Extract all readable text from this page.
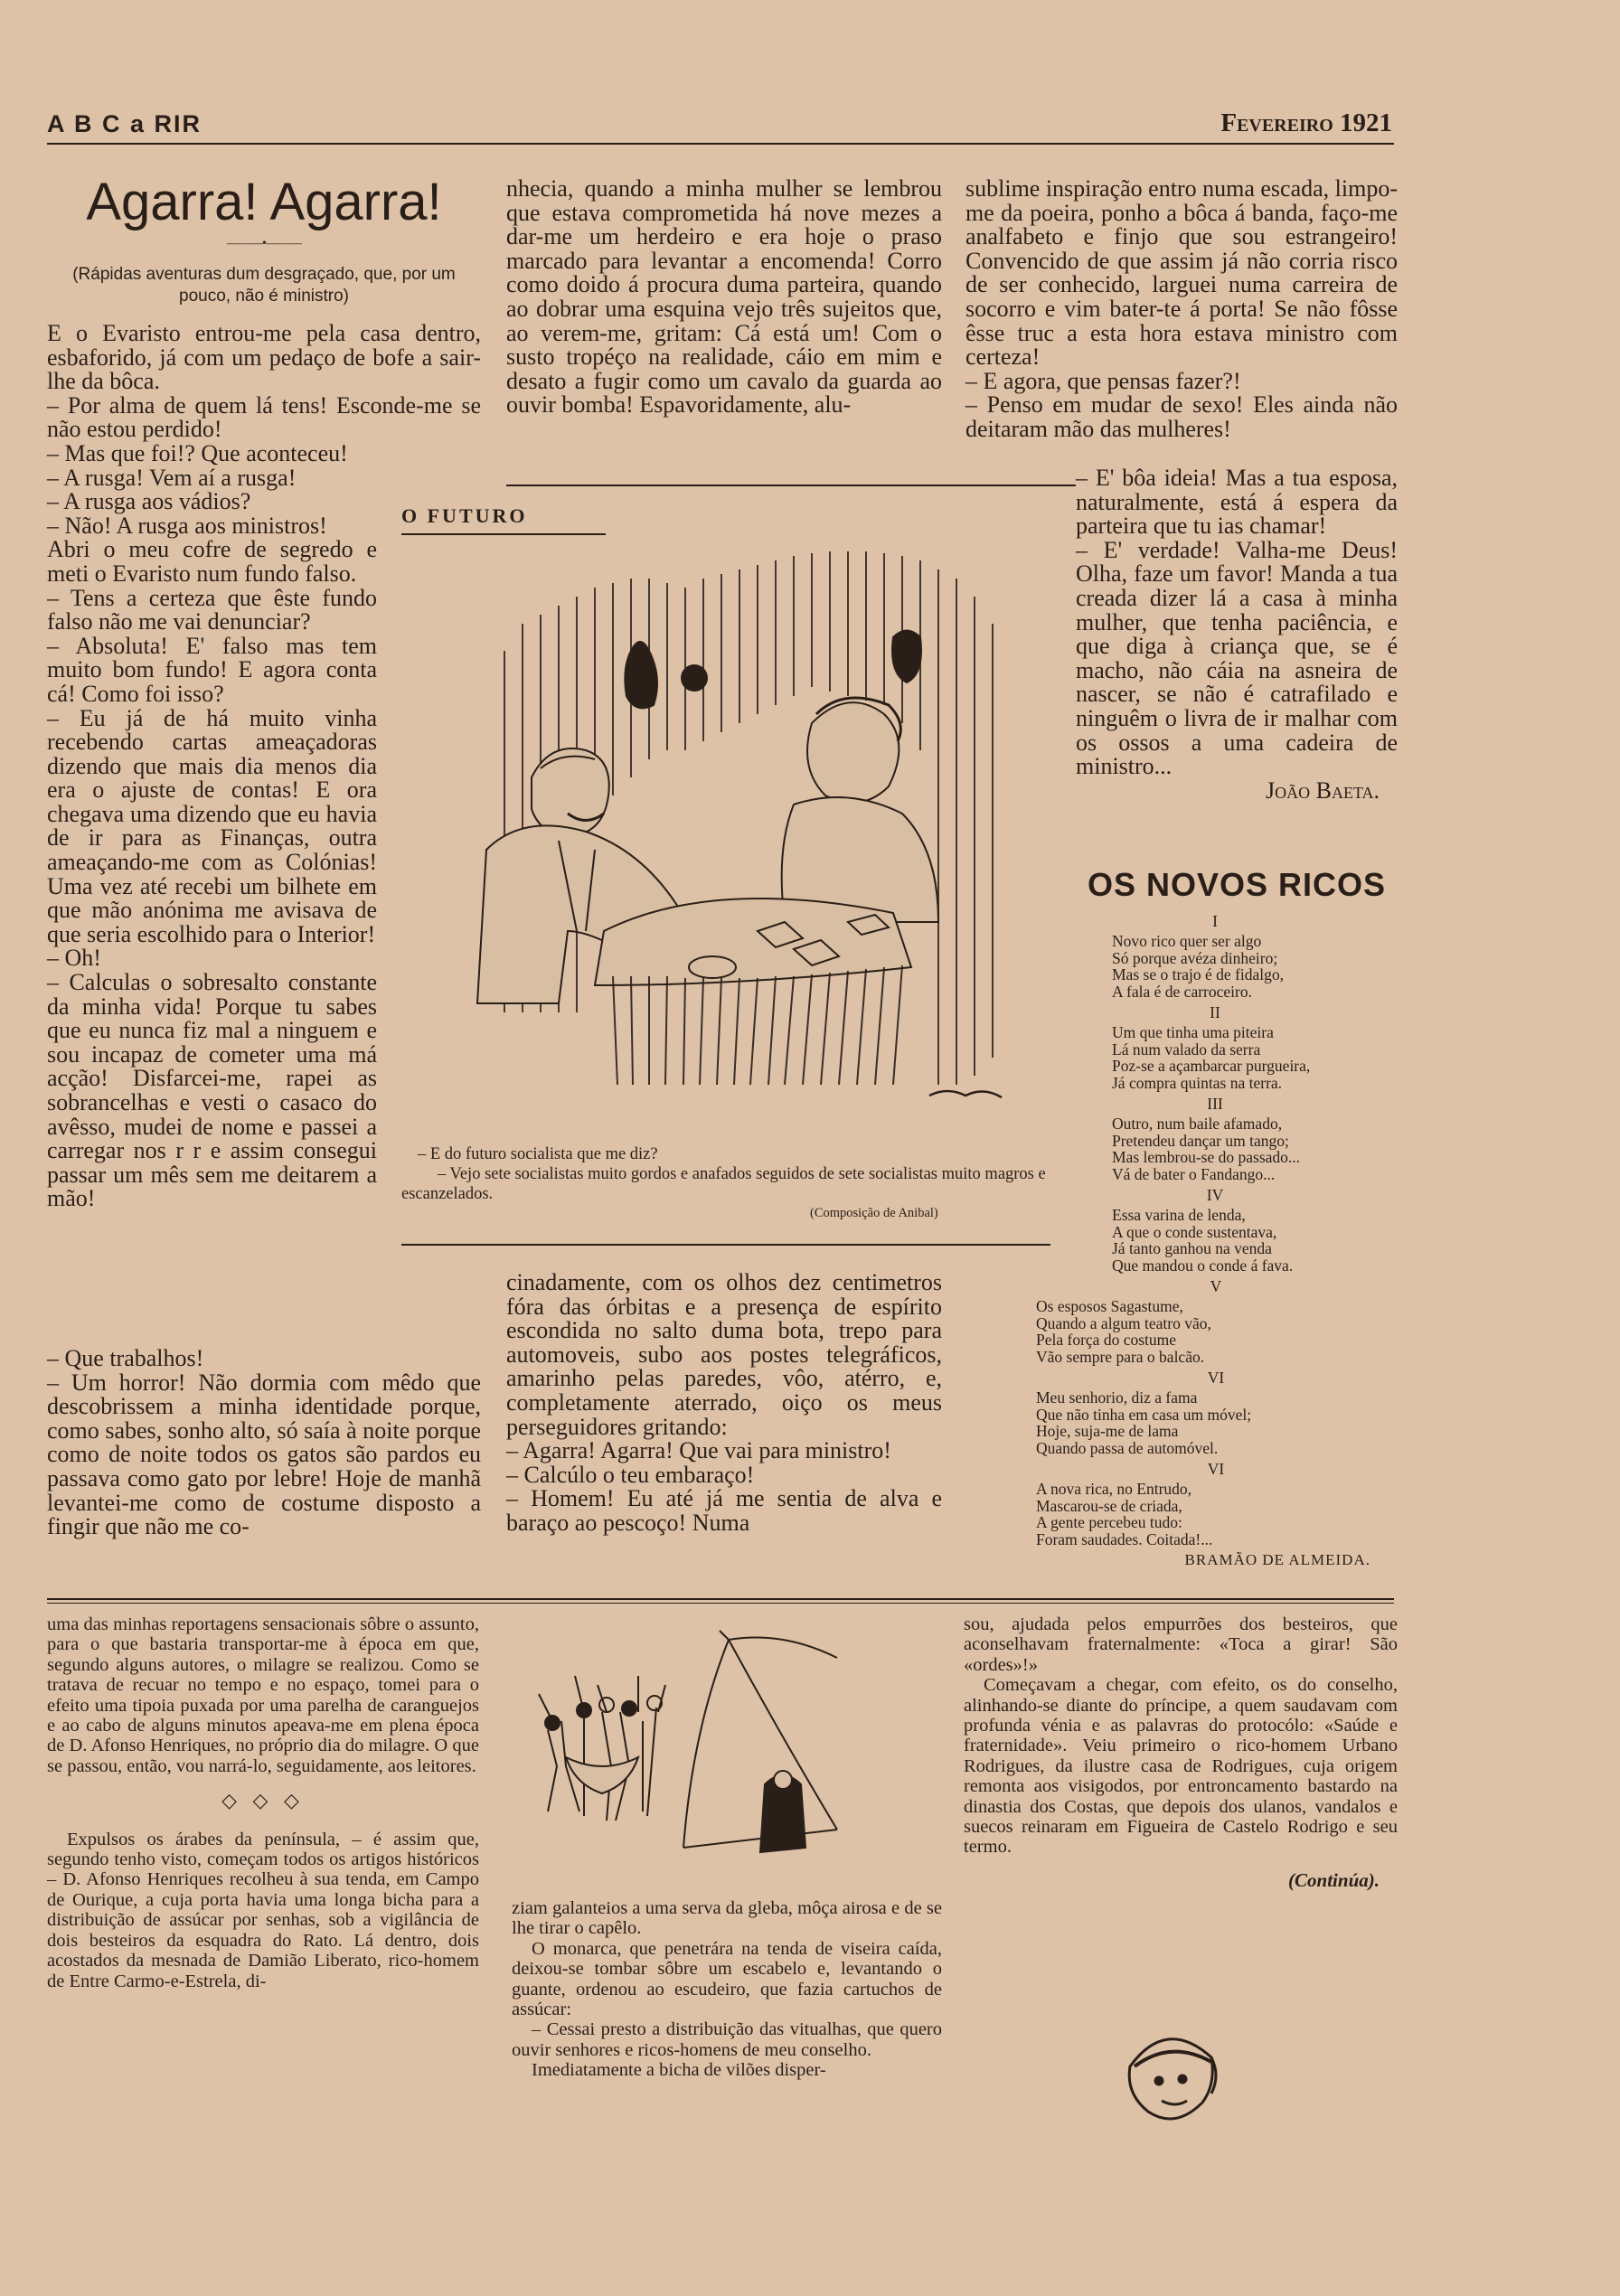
A B C a RIR	Fevereiro 1921
Agarra! Agarra!
———•———
(Rápidas aventuras dum desgraçado, que, por um pouco, não é ministro)

E o Evaristo entrou-me pela casa dentro, esbaforido, já com um pedaço de bofe a sair-lhe da bôca.

– Por alma de quem lá tens! Esconde-me se não estou perdido!

– Mas que foi!? Que aconteceu!

– A rusga! Vem aí a rusga!

– A rusga aos vádios?

– Não! A rusga aos ministros!

Abri o meu cofre de segredo e meti o Evaristo num fundo falso.

– Tens a certeza que êste fundo falso não me vai denunciar?

– Absoluta! E' falso mas tem muito bom fundo! E agora conta cá! Como foi isso?

– Eu já de há muito vinha recebendo cartas ameaçadoras dizendo que mais dia menos dia era o ajuste de contas! E ora chegava uma dizendo que eu havia de ir para as Finanças, outra ameaçando-me com as Colónias! Uma vez até recebi um bilhete em que mão anónima me avisava de que seria escolhido para o Interior!

– Oh!

– Calculas o sobresalto constante da minha vida! Porque tu sabes que eu nunca fiz mal a ninguem e sou incapaz de cometer uma má acção! Disfarcei-me, rapei as sobrancelhas e vesti o casaco do avêsso, mudei de nome e passei a carregar nos r r e assim consegui passar um mês sem me deitarem a mão!

– Que trabalhos!

– Um horror! Não dormia com mêdo que descobrissem a minha identidade porque, como sabes, sonho alto, só saía à noite porque como de noite todos os gatos são pardos eu passava como gato por lebre! Hoje de manhã levantei-me como de costume disposto a fingir que não me co-

nhecia, quando a minha mulher se lembrou que estava comprometida há nove mezes a dar-me um herdeiro e era hoje o praso marcado para levantar a encomenda! Corro como doido á procura duma parteira, quando ao dobrar uma esquina vejo três sujeitos que, ao verem-me, gritam: Cá está um! Com o susto tropéço na realidade, cáio em mim e desato a fugir como um cavalo da guarda ao ouvir bomba! Espavoridamente, alu-

sublime inspiração entro numa escada, limpo-me da poeira, ponho a bôca á banda, faço-me analfabeto e finjo que sou estrangeiro! Convencido de que assim já não corria risco de ser conhecido, larguei numa carreira de socorro e vim bater-te á porta! Se não fôsse êsse truc a esta hora estava ministro com certeza!

– E agora, que pensas fazer?!

– Penso em mudar de sexo! Eles ainda não deitaram mão das mulheres!

– E' bôa ideia! Mas a tua esposa, naturalmente, está á espera da parteira que tu ias chamar!

– E' verdade! Valha-me Deus! Olha, faze um favor! Manda a tua creada dizer lá a casa à minha mulher, que tenha paciência, e que diga à criança que, se é macho, não cáia na asneira de nascer, se não é catrafilado e ninguêm o livra de ir malhar com os ossos a uma cadeira de ministro...

João Baeta.

O FUTURO
– E do futuro socialista que me diz?
– Vejo sete socialistas muito gordos e anafados seguidos de sete socialistas muito magros e escanzelados.
(Composição de Anibal)

cinadamente, com os olhos dez centimetros fóra das órbitas e a presença de espírito escondida no salto duma bota, trepo para automoveis, subo aos postes telegráficos, amarinho pelas paredes, vôo, atérro, e, completamente aterrado, oiço os meus perseguidores gritando:

– Agarra! Agarra! Que vai para ministro!

– Calcúlo o teu embaraço!

– Homem! Eu até já me sentia de alva e baraço ao pescoço! Numa

OS NOVOS RICOS

I

Novo rico quer ser algo

Só porque avéza dinheiro;

Mas se o trajo é de fidalgo,

A fala é de carroceiro.

II

Um que tinha uma piteira

Lá num valado da serra

Poz-se a açambarcar purgueira,

Já compra quintas na terra.

III

Outro, num baile afamado,

Pretendeu dançar um tango;

Mas lembrou-se do passado...

Vá de bater o Fandango...

IV

Essa varina de lenda,

A que o conde sustentava,

Já tanto ganhou na venda

Que mandou o conde á fava.

V

Os esposos Sagastume,

Quando a algum teatro vão,

Pela força do costume

Vão sempre para o balcão.

VI

Meu senhorio, diz a fama

Que não tinha em casa um móvel;

Hoje, suja-me de lama

Quando passa de automóvel.

VI

A nova rica, no Entrudo,

Mascarou-se de criada,

A gente percebeu tudo:

Foram saudades. Coitada!...

BRAMÃO DE ALMEIDA.

uma das minhas reportagens sensacionais sôbre o assunto, para o que bastaria transportar-me à época em que, segundo alguns autores, o milagre se realizou. Como se tratava de recuar no tempo e no espaço, tomei para o efeito uma tipoia puxada por uma parelha de caranguejos e ao cabo de alguns minutos apeava-me em plena época de D. Afonso Henriques, no próprio dia do milagre. O que se passou, então, vou narrá-lo, seguidamente, aos leitores.

◇ ◇ ◇

Expulsos os árabes da península, – é assim que, segundo tenho visto, começam todos os artigos históricos – D. Afonso Henriques recolheu à sua tenda, em Campo de Ourique, a cuja porta havia uma longa bicha para a distribuição de assúcar por senhas, sob a vigilância de dois besteiros da esquadra do Rato. Lá dentro, dois acostados da mesnada de Damião Liberato, rico-homem de Entre Carmo-e-Estrela, di-

ziam galanteios a uma serva da gleba, môça airosa e de se lhe tirar o capêlo.

O monarca, que penetrára na tenda de viseira caída, deixou-se tombar sôbre um escabelo e, levantando o guante, ordenou ao escudeiro, que fazia cartuchos de assúcar:

– Cessai presto a distribuição das vitualhas, que quero ouvir senhores e ricos-homens de meu conselho.

Imediatamente a bicha de vilões disper-

sou, ajudada pelos empurrões dos besteiros, que aconselhavam fraternalmente: «Toca a girar! São «ordes»!»

Começavam a chegar, com efeito, os do conselho, alinhando-se diante do príncipe, a quem saudavam com profunda vénia e as palavras do protocólo: «Saúde e fraternidade». Veiu primeiro o rico-homem Urbano Rodrigues, da ilustre casa de Rodrigues, cuja origem remonta aos visigodos, por entroncamento bastardo na dinastia dos Costas, que depois dos ulanos, vandalos e suecos reinaram em Figueira de Castelo Rodrigo e seu termo.

(Continúa).
